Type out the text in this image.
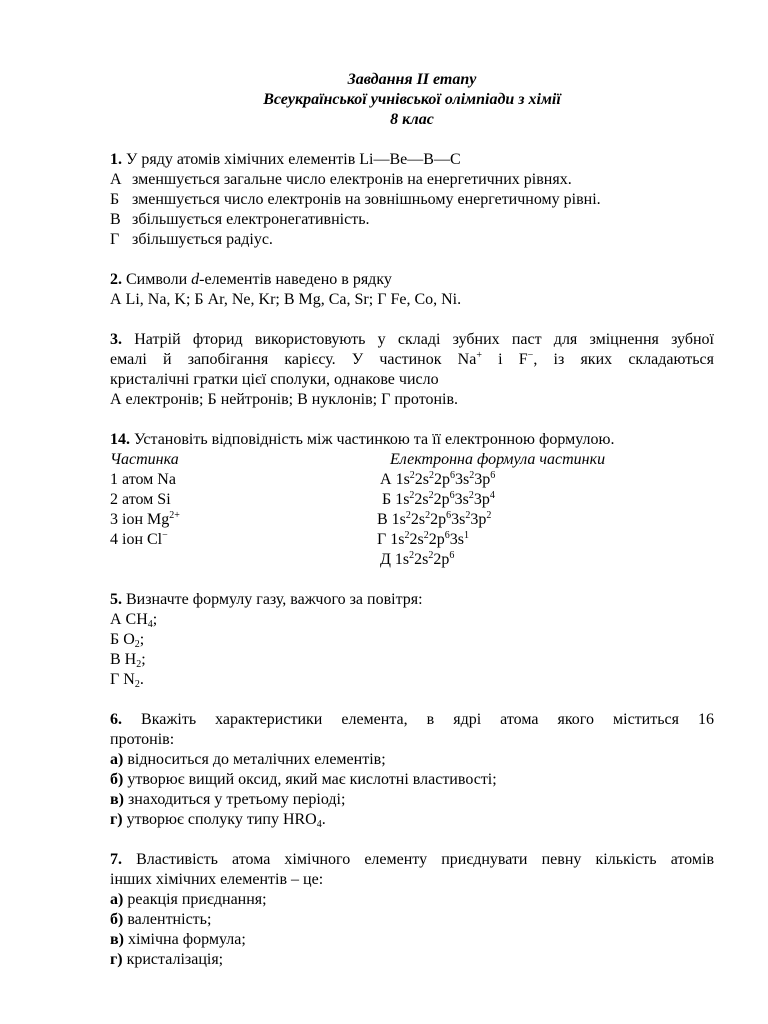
Завдання ІІ етапу
Всеукраїнської учнівської олімпіади з хімії
8 клас
1. У ряду атомів хімічних елементів Li—Be—B—C
А зменшується загальне число електронів на енергетичних рівнях.
Б зменшується число електронів на зовнішньому енергетичному рівні.
В збільшується електронегативність.
Г збільшується радіус.
2. Символи d-елементів наведено в рядку
А Li, Na, K; Б Ar, Ne, Kr; В Mg, Ca, Sr; Г Fe, Co, Ni.
3. Натрій фторид використовують у складі зубних паст для зміцнення зубної
емалі й запобігання карієсу. У частинок Na+ і F−, із яких складаються
кристалічні гратки цієї сполуки, однакове число
А електронів; Б нейтронів; В нуклонів; Г протонів.
14. Установіть відповідність між частинкою та її електронною формулою.
Частинка	Електронна формула частинки
1 атом Na	А $1s^22s^22p^63s^23p^6$
2 атом Si	Б $1s^22s^22p^63s^23p^4$
3 іон $Mg^{2+}$	В $1s^22s^22p^63s^23p^2$
4 іон Cl−	Г $1s^22s^22p^63s^1$
Д $1s^22s^22p^6$
5. Визначте формулу газу, важчого за повітря:
А $CH_4$;
Б $O_2$;
В $H_2$;
Г $N_2$.
6. Вкажіть характеристики елемента, в ядрі атома якого міститься 16
протонів:
а) відноситься до металічних елементів;
б) утворює вищий оксид, який має кислотні властивості;
в) знаходиться у третьому періоді;
г) утворює сполуку типу $HRO_4$.
7. Властивість атома хімічного елементу приєднувати певну кількість атомів
інших хімічних елементів – це:
а) реакція приєднання;
б) валентність;
в) хімічна формула;
г) кристалізація;
